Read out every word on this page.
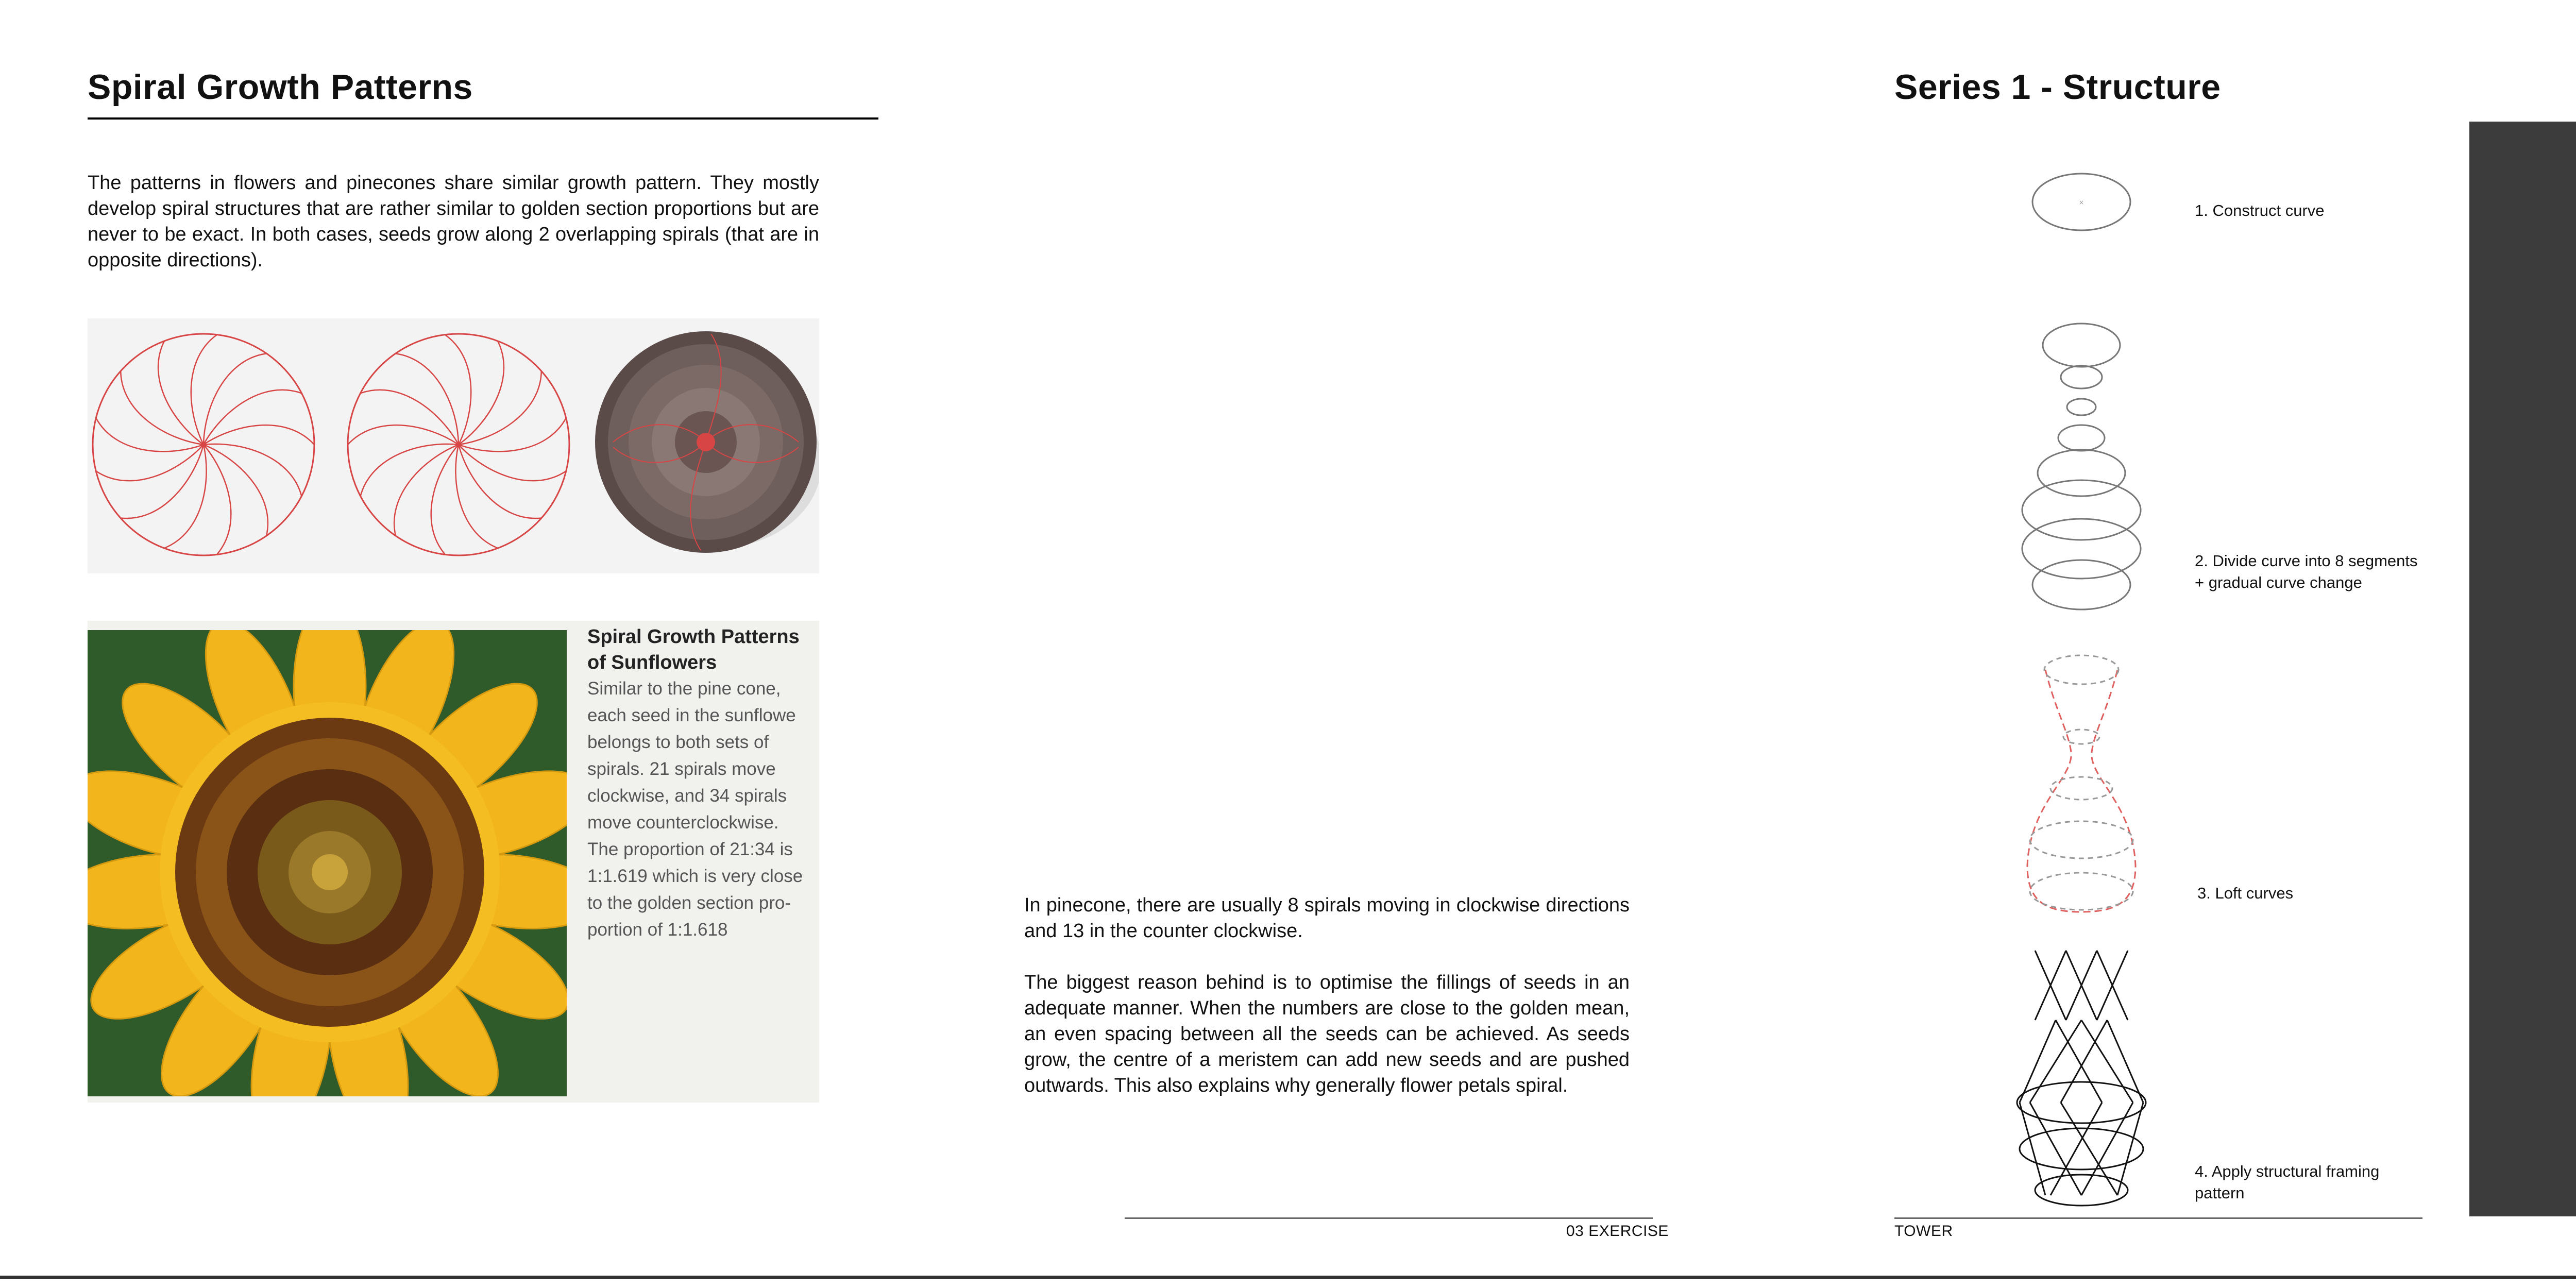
Spiral Growth Patterns
The patterns in flowers and pinecones share similar growth pattern. They mostly develop spiral structures that are rather similar to golden section proportions but are never to be exact. In both cases, seeds grow along 2 overlapping spirals (that are in opposite directions).
Spiral Growth Patterns
of Sunflowers
Similar to the pine cone,
each seed in the sunflowe
belongs to both sets of
spirals. 21 spirals move
clockwise, and 34 spirals
move counterclockwise.
The proportion of 21:34 is
1:1.619 which is very close
to the golden section pro-
portion of 1:1.618
In pinecone, there are usually 8 spirals moving in clockwise directions and 13 in the counter clockwise.
The biggest reason behind is to optimise the fillings of seeds in an adequate manner. When the numbers are close to the golden mean, an even spacing between all the seeds can be achieved. As seeds grow, the centre of a meristem can add new seeds and are pushed outwards. This also explains why generally flower petals spiral.
03 EXERCISE
Series 1 - Structure
×	1. Construct curve
2. Divide curve into 8 segments
+ gradual curve change
3. Loft curves
4. Apply structural framing
pattern
TOWER
